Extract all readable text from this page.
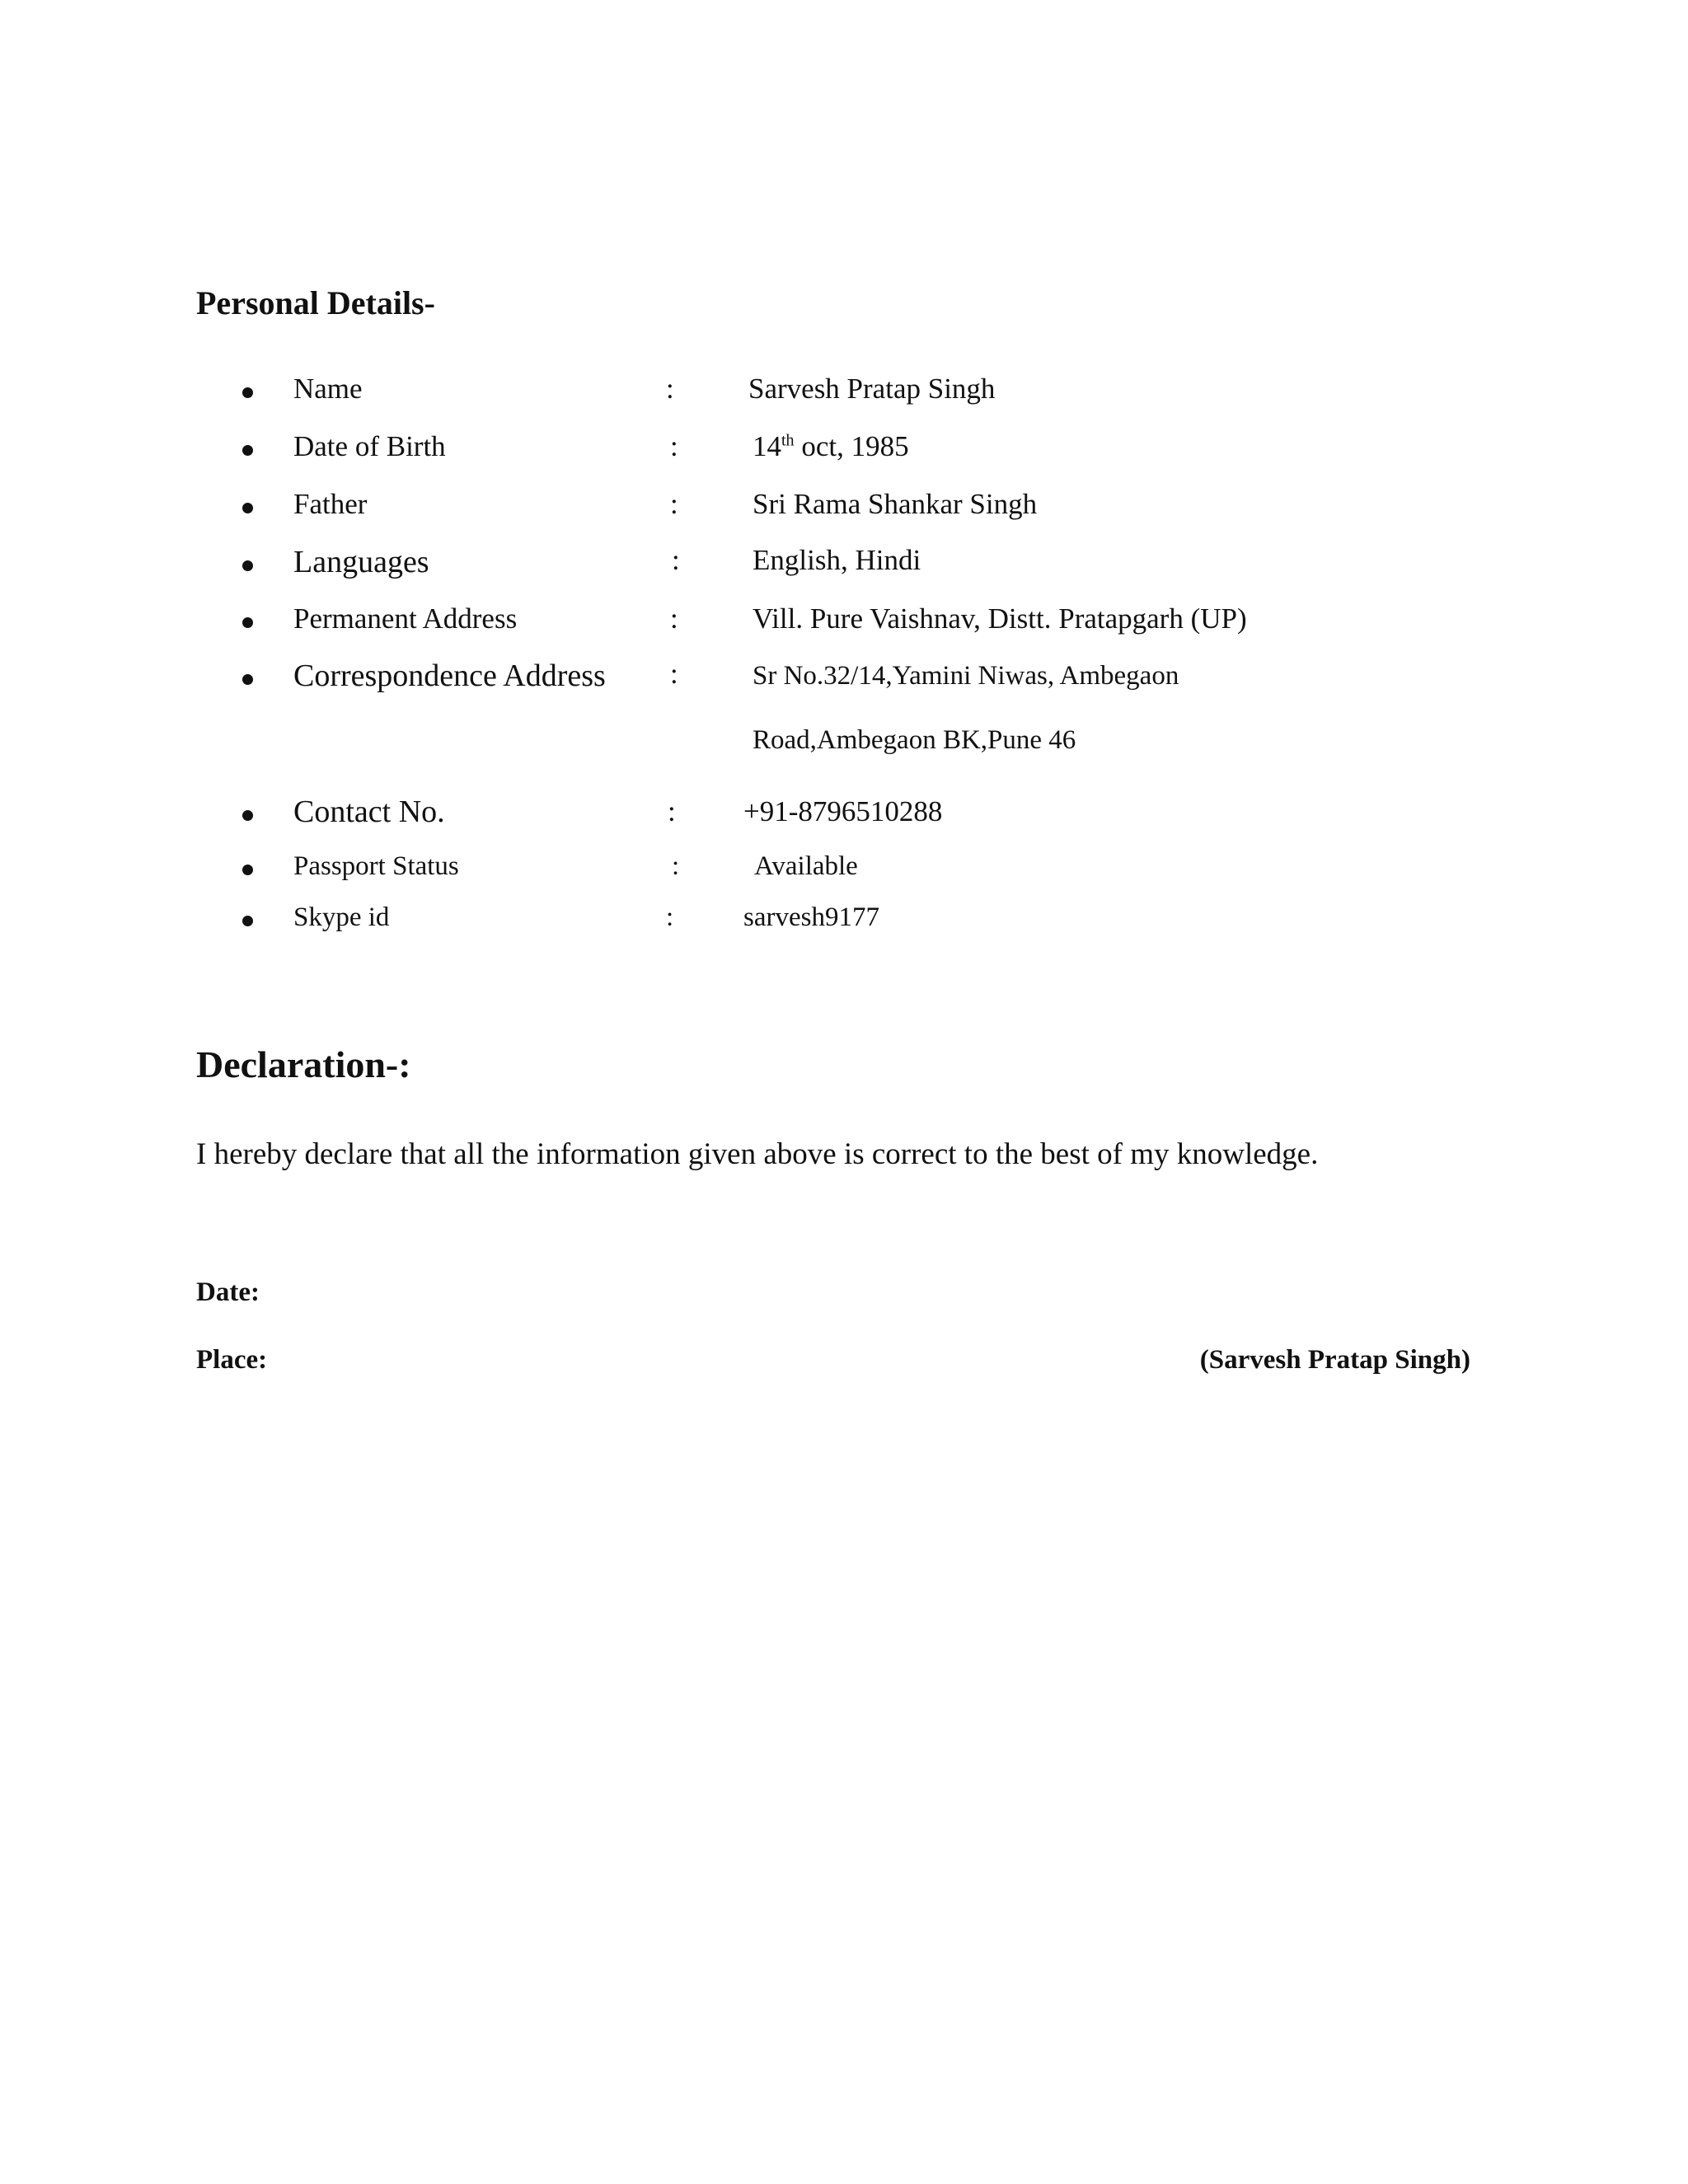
Personal Details-
Name	:	Sarvesh Pratap Singh
Date of Birth	:	14th oct, 1985
Father	:	Sri Rama Shankar Singh
Languages	:	English, Hindi
Permanent Address	:	Vill. Pure Vaishnav, Distt. Pratapgarh (UP)
Correspondence Address :	Sr No.32/14,Yamini Niwas, Ambegaon
Road,Ambegaon BK,Pune 46
Contact No.	: +91-8796510288
Passport Status	:	Available
Skype id	:	sarvesh9177
Declaration-:
I hereby declare that all the information given above is correct to the best of my knowledge.
Date:
Place:	(Sarvesh Pratap Singh)
